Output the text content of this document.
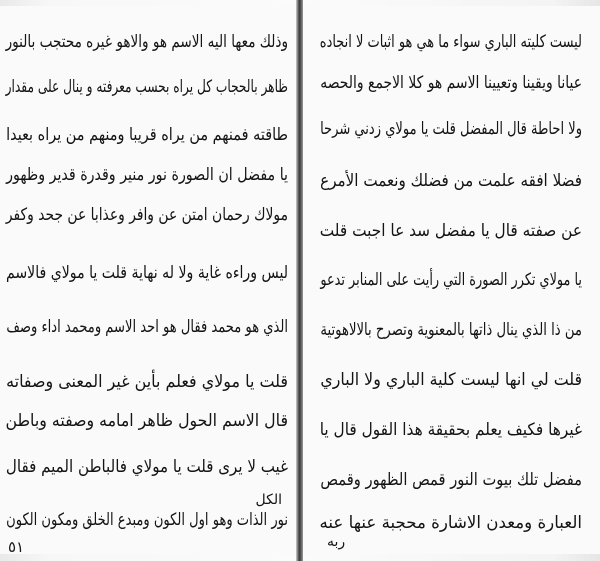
وذلك معها اليه الاسم هو والاهو غيره محتجب بالنور

ظاهر بالحجاب كل يراه بحسب معرفته و ينال على مقدار

طاقته فمنهم من يراه قريبا ومنهم من يراه بعيدا

يا مفضل ان الصورة نور منير وقدرة قدير وظهور

مولاك رحمان امتن عن وافر وعذابا عن جحد وكفر

ليس وراءه غاية ولا له نهاية قلت يا مولاي فالاسم

الذي هو محمد فقال هو احد الاسم ومحمد اداء وصف

قلت يا مولاي فعلم بأين غير المعنى وصفاته

قال الاسم الحول ظاهر امامه وصفته وباطن

غيب لا يرى قلت يا مولاي فالباطن الميم فقال

نور الذات وهو اول الكون ومبدع الخلق ومكون الكون

الكل
٥١

ليست كليته الباري سواء ما هي هو اثبات لا انجاده

عيانا ويقينا وتعيينا الاسم هو كلا الاجمع والحصه

ولا احاطة قال المفضل قلت يا مولاي زدني شرحا

فضلا افقه علمت من فضلك ونعمت الأمرع

عن صفته قال يا مفضل سد عا اجبت قلت

يا مولاي تكرر الصورة التي رأيت على المنابر تدعو

من ذا الذي ينال ذاتها بالمعنوية وتصرح بالالاهوتية

قلت لي انها ليست كلية الباري ولا الباري

غيرها فكيف يعلم بحقيقة هذا القول قال يا

مفضل تلك بيوت النور قمص الظهور وقمص

العبارة ومعدن الاشارة محجبة عنها عنه

ربه
